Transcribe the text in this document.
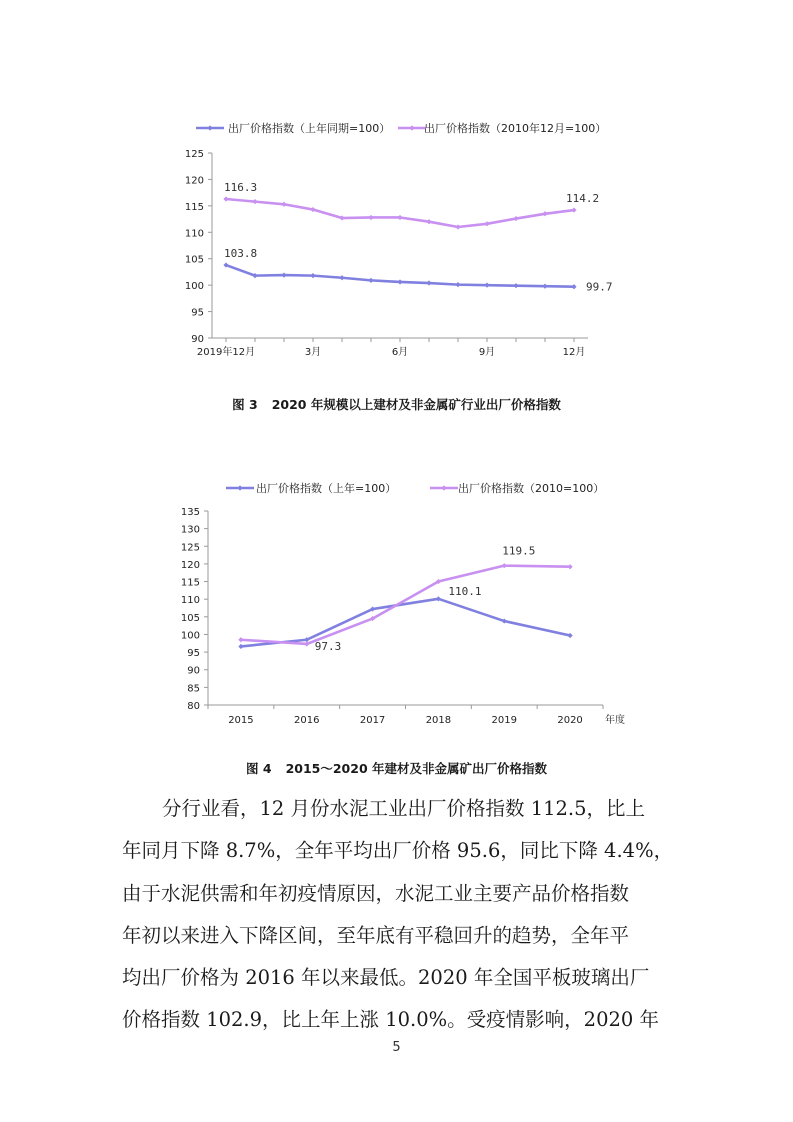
90
95
100
105
110
115
120
125
2019年12月	3月	6月	9月	12月
出厂价格指数（上年同期=100）	出厂价格指数（2010年12月=100）
103.8
99.7
116.3
114.2
图 3 2020 年规模以上建材及非金属矿行业出厂价格指数
80
85
90
95
100
105
110
115
120
125
130
135
2015	2016	2017	2018	2019	2020 年度
出厂价格指数（上年=100）	出厂价格指数（2010=100）
97.3
110.1
119.5
图 4 2015～2020 年建材及非金属矿出厂价格指数
分行业看，12 月份水泥工业出厂价格指数 112.5，比上
年同月下降 8.7%，全年平均出厂价格 95.6，同比下降 4.4%，
由于水泥供需和年初疫情原因，水泥工业主要产品价格指数
年初以来进入下降区间，至年底有平稳回升的趋势，全年平
均出厂价格为 2016 年以来最低。2020 年全国平板玻璃出厂
价格指数 102.9，比上年上涨 10.0%。受疫情影响，2020 年
5
